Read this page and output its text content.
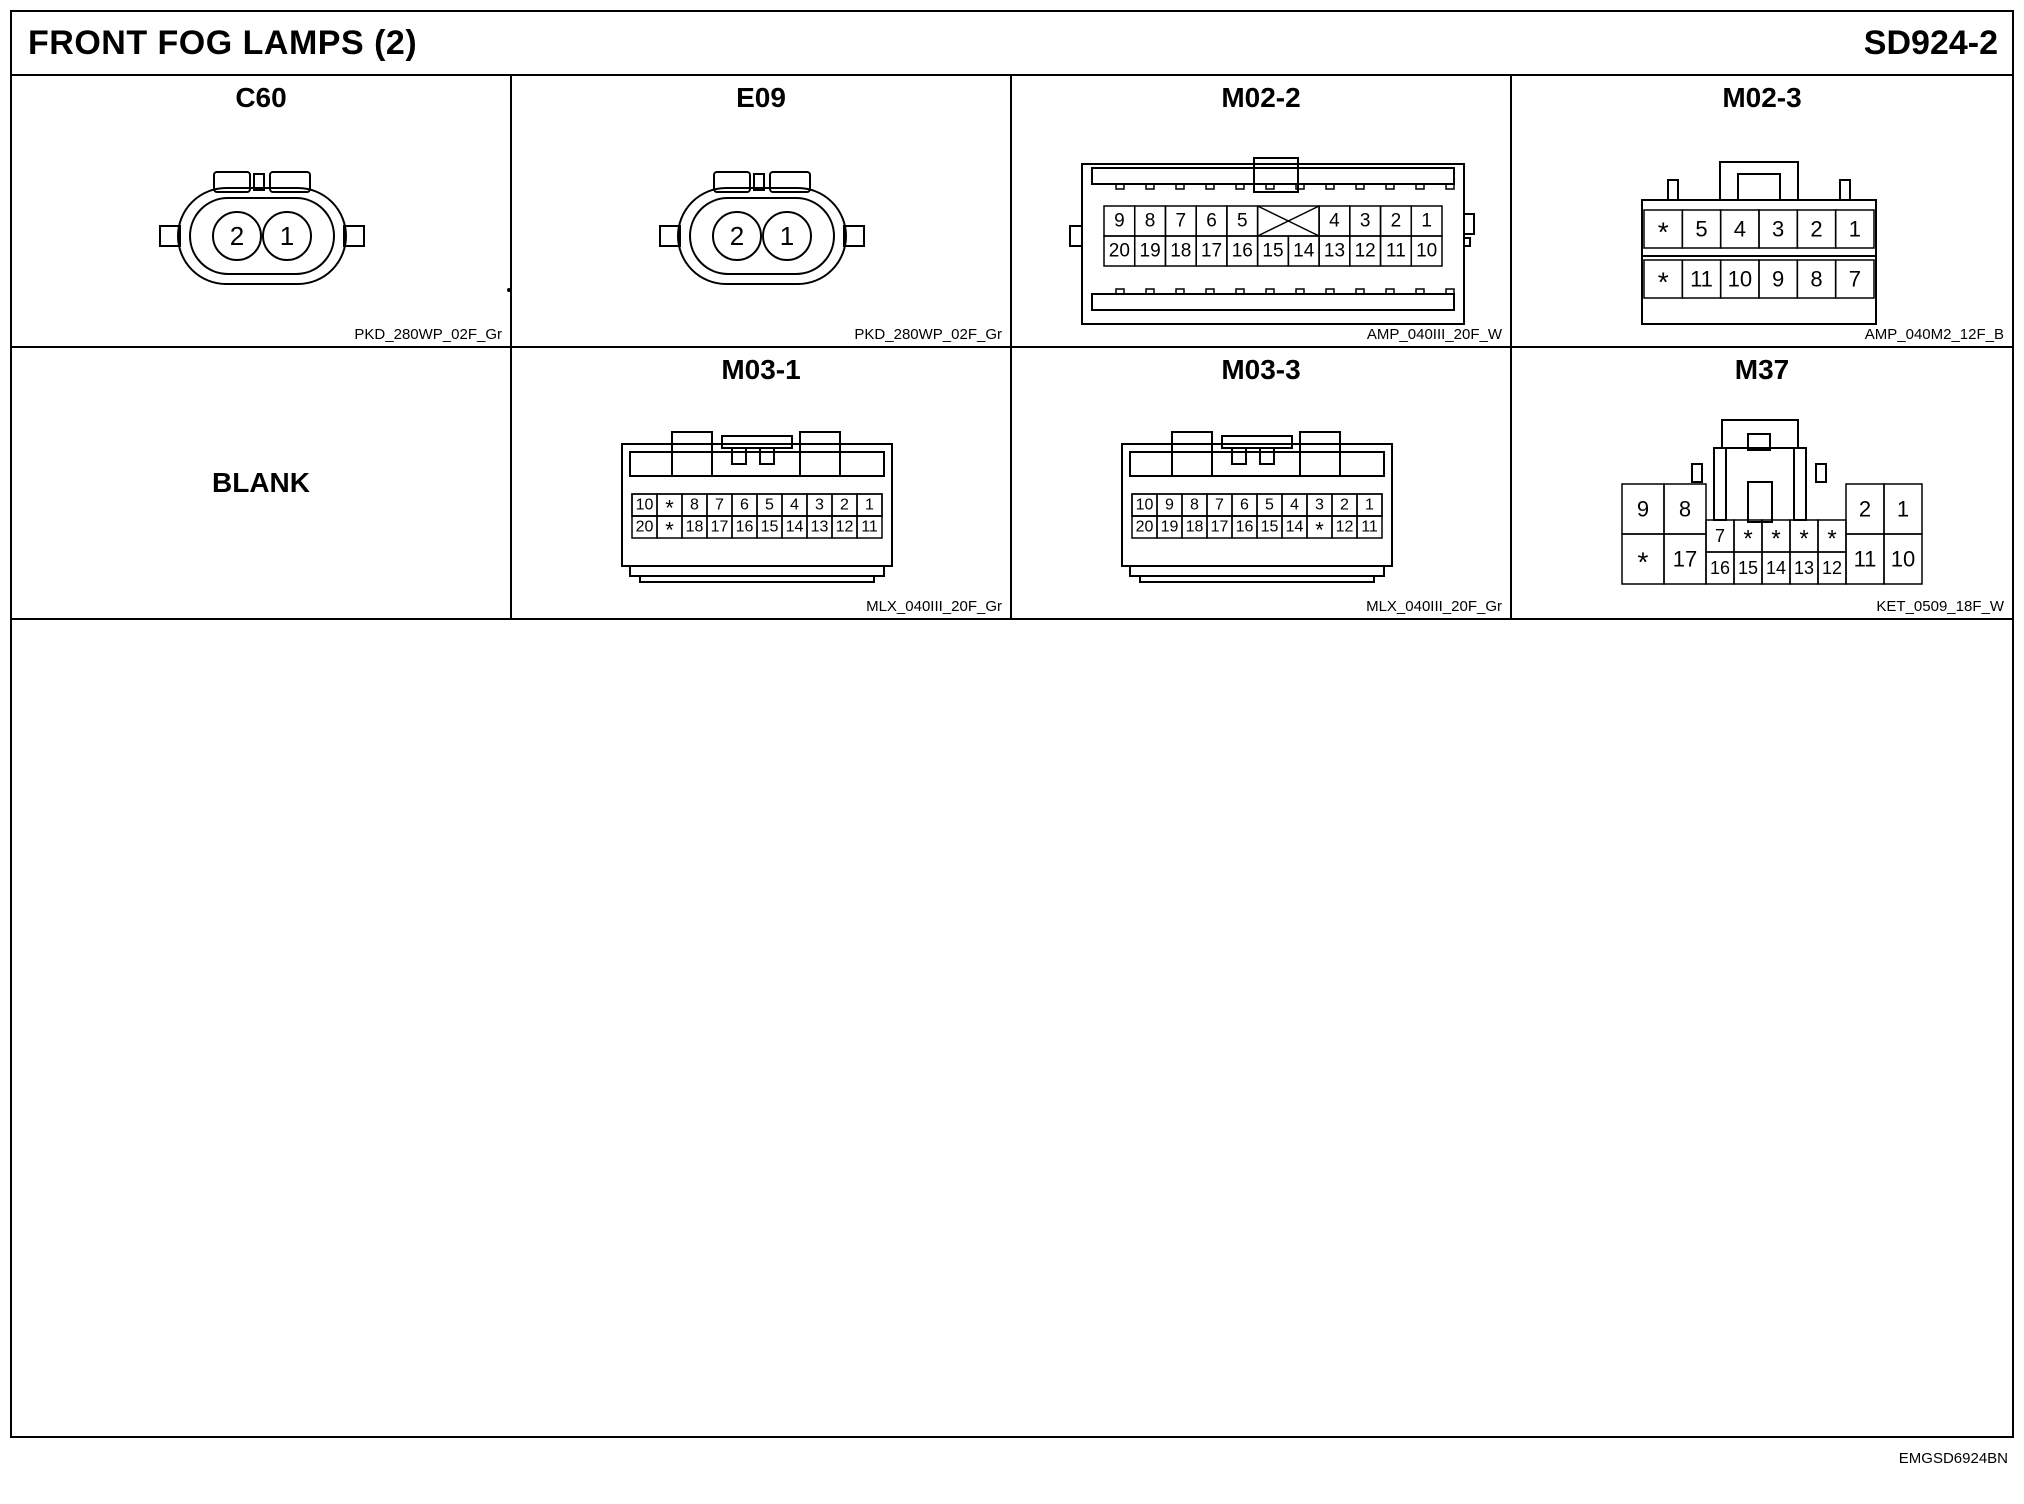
FRONT FOG LAMPS (2)	SD924-2
C60
2 1
PKD_280WP_02F_Gr
E09
2 1
PKD_280WP_02F_Gr
M02-2
9 8 7 6 5	4 3 2 1
20 19 18 17 16 15 14 13 12 11 10
AMP_040III_20F_W
M02-3
* 5 4 3 2 1
* 11 10 9 8 7
AMP_040M2_12F_B
BLANK
M03-1
10 * 8 7 6 5 4 3 2 1
20 * 18 17 16 15 14 13 12 11
MLX_040III_20F_Gr
M03-3
10 9 8 7 6 5 4 3 2 1
20 19 18 17 16 15 14 * 12 11
MLX_040III_20F_Gr
M37
9 8
* 17
7 * * * *
16 15 14 13 12
2 1
11 10
KET_0509_18F_W
EMGSD6924BN
